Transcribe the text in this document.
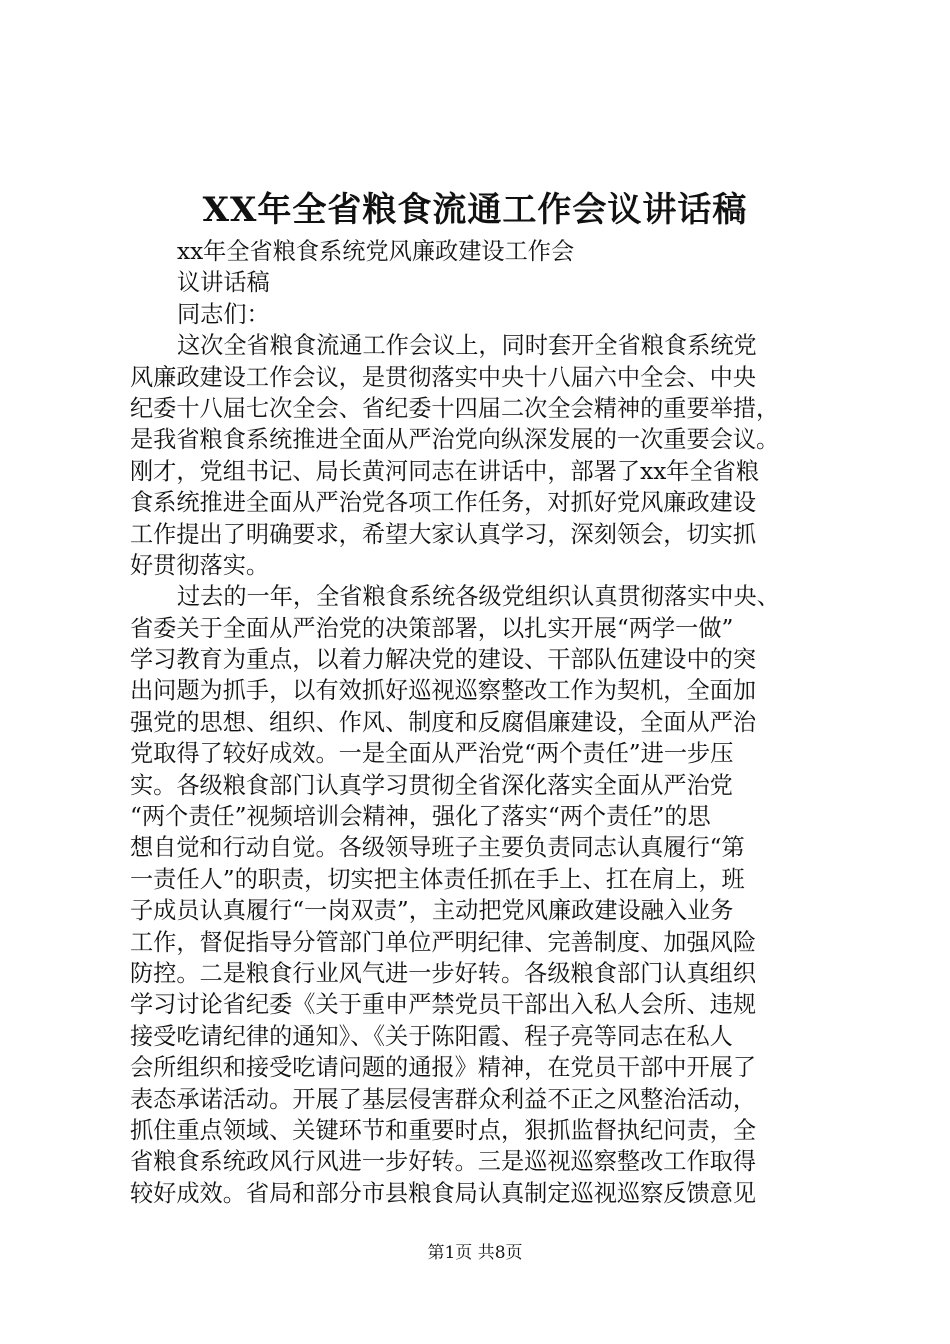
XX年全省粮食流通工作会议讲话稿
xx年全省粮食系统党风廉政建设工作会
议讲话稿
同志们：
这次全省粮食流通工作会议上，同时套开全省粮食系统党
风廉政建设工作会议，是贯彻落实中央十八届六中全会、中央
纪委十八届七次全会、省纪委十四届二次全会精神的重要举措，
是我省粮食系统推进全面从严治党向纵深发展的一次重要会议。
刚才，党组书记、局长黄河同志在讲话中，部署了xx年全省粮
食系统推进全面从严治党各项工作任务，对抓好党风廉政建设
工作提出了明确要求，希望大家认真学习，深刻领会，切实抓
好贯彻落实。
过去的一年，全省粮食系统各级党组织认真贯彻落实中央、
省委关于全面从严治党的决策部署，以扎实开展“两学一做”
学习教育为重点，以着力解决党的建设、干部队伍建设中的突
出问题为抓手，以有效抓好巡视巡察整改工作为契机，全面加
强党的思想、组织、作风、制度和反腐倡廉建设，全面从严治
党取得了较好成效。一是全面从严治党“两个责任”进一步压
实。各级粮食部门认真学习贯彻全省深化落实全面从严治党
“两个责任”视频培训会精神，强化了落实“两个责任”的思
想自觉和行动自觉。各级领导班子主要负责同志认真履行“第
一责任人”的职责，切实把主体责任抓在手上、扛在肩上，班
子成员认真履行“一岗双责”，主动把党风廉政建设融入业务
工作，督促指导分管部门单位严明纪律、完善制度、加强风险
防控。二是粮食行业风气进一步好转。各级粮食部门认真组织
学习讨论省纪委《关于重申严禁党员干部出入私人会所、违规
接受吃请纪律的通知》、《关于陈阳霞、程子亮等同志在私人
会所组织和接受吃请问题的通报》精神，在党员干部中开展了
表态承诺活动。开展了基层侵害群众利益不正之风整治活动，
抓住重点领域、关键环节和重要时点，狠抓监督执纪问责，全
省粮食系统政风行风进一步好转。三是巡视巡察整改工作取得
较好成效。省局和部分市县粮食局认真制定巡视巡察反馈意见
第1页 共8页
